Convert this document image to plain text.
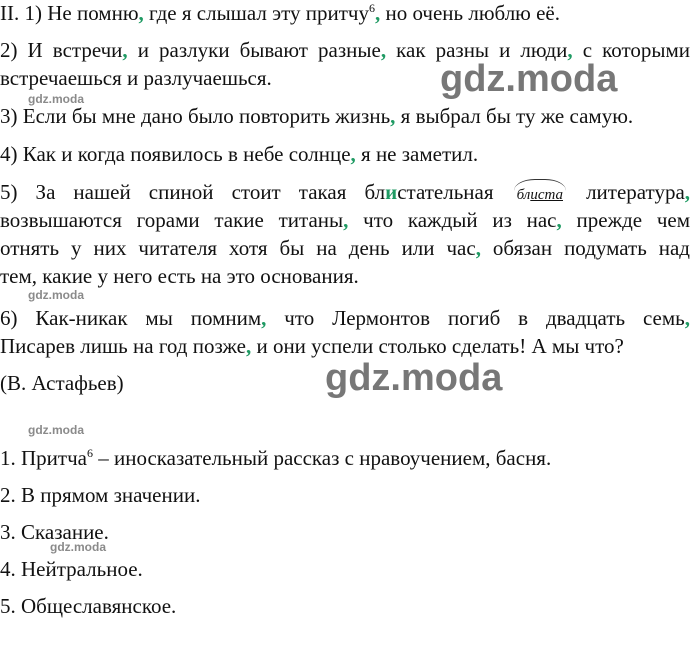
II. 1) Не помню, где я слышал эту притчу$^6$, но очень люблю её.
2) И встречи, и разлуки бывают разные, как разны и люди, с которыми
встречаешься и разлучаешься.
3) Если бы мне дано было повторить жизнь, я выбрал бы ту же самую.
4) Как и когда появилось в небе солнце, я не заметил.
5) За нашей спиной стоит такая блистательная блиста литература,
возвышаются горами такие титаны, что каждый из нас, прежде чем
отнять у них читателя хотя бы на день или час, обязан подумать над
тем, какие у него есть на это основания.
6) Как-никак мы помним, что Лермонтов погиб в двадцать семь,
Писарев лишь на год позже, и они успели столько сделать! А мы что?
(В. Астафьев)
1. Притча$^6$ – иносказательный рассказ с нравоучением, басня.
2. В прямом значении.
3. Сказание.
4. Нейтральное.
5. Общеславянское.
gdz.moda
gdz.moda
gdz.moda
gdz.moda
gdz.moda
gdz.moda
